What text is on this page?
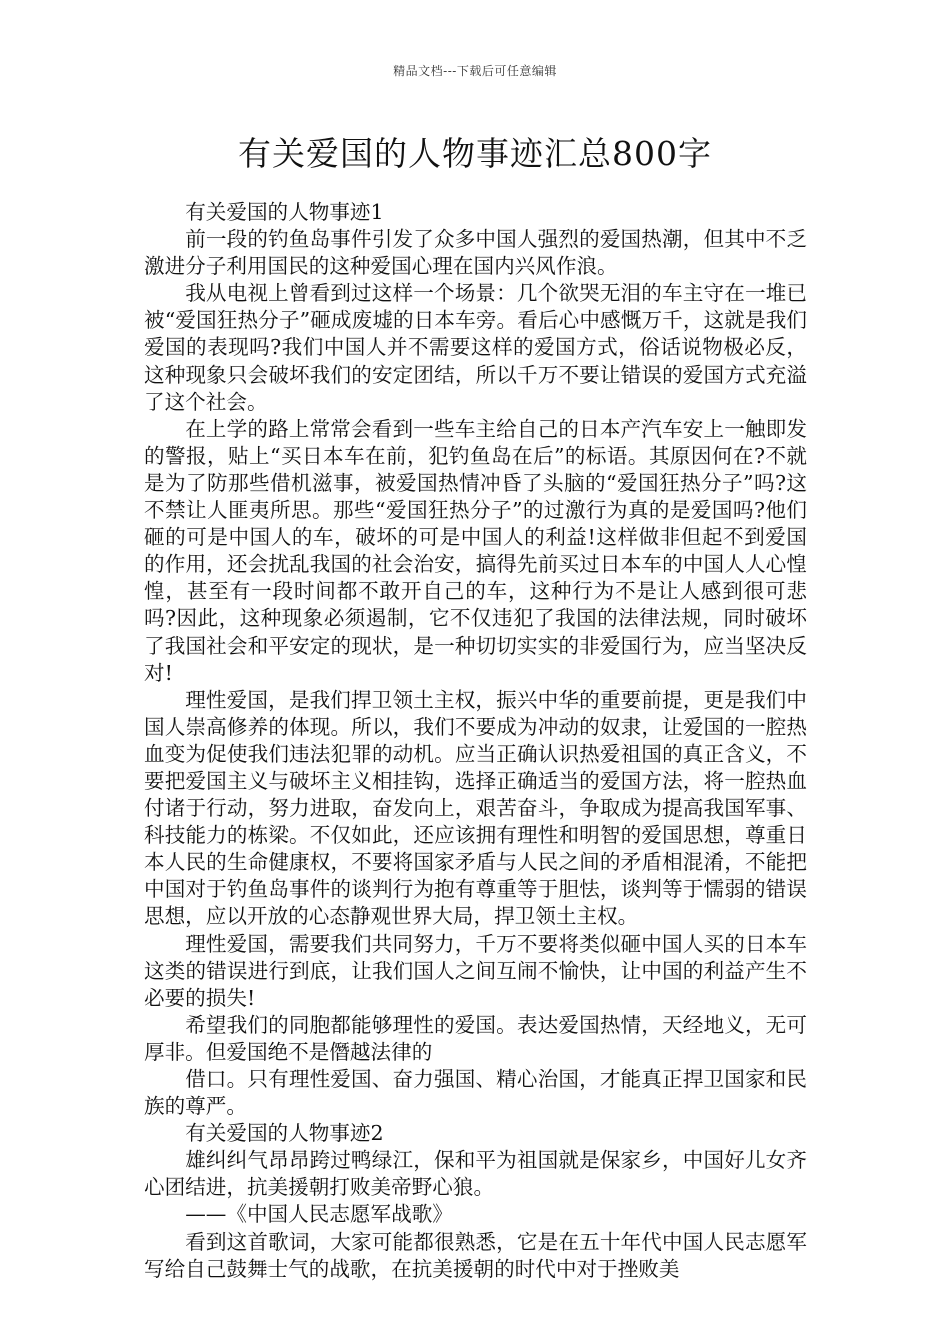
精品文档---下载后可任意编辑
有关爱国的人物事迹汇总800字

有关爱国的人物事迹1

前一段的钓鱼岛事件引发了众多中国人强烈的爱国热潮，但其中不乏激进分子利用国民的这种爱国心理在国内兴风作浪。

我从电视上曾看到过这样一个场景：几个欲哭无泪的车主守在一堆已被“爱国狂热分子”砸成废墟的日本车旁。看后心中感慨万千，这就是我们爱国的表现吗?我们中国人并不需要这样的爱国方式，俗话说物极必反，这种现象只会破坏我们的安定团结，所以千万不要让错误的爱国方式充溢了这个社会。

在上学的路上常常会看到一些车主给自己的日本产汽车安上一触即发的警报，贴上“买日本车在前，犯钓鱼岛在后”的标语。其原因何在?不就是为了防那些借机滋事，被爱国热情冲昏了头脑的“爱国狂热分子”吗?这不禁让人匪夷所思。那些“爱国狂热分子”的过激行为真的是爱国吗?他们砸的可是中国人的车，破坏的可是中国人的利益!这样做非但起不到爱国的作用，还会扰乱我国的社会治安，搞得先前买过日本车的中国人人心惶惶，甚至有一段时间都不敢开自己的车，这种行为不是让人感到很可悲吗?因此，这种现象必须遏制，它不仅违犯了我国的法律法规，同时破坏了我国社会和平安定的现状，是一种切切实实的非爱国行为，应当坚决反对!

理性爱国，是我们捍卫领土主权，振兴中华的重要前提，更是我们中国人崇高修养的体现。所以，我们不要成为冲动的奴隶，让爱国的一腔热血变为促使我们违法犯罪的动机。应当正确认识热爱祖国的真正含义，不要把爱国主义与破坏主义相挂钩，选择正确适当的爱国方法，将一腔热血付诸于行动，努力进取，奋发向上，艰苦奋斗，争取成为提高我国军事、科技能力的栋梁。不仅如此，还应该拥有理性和明智的爱国思想，尊重日本人民的生命健康权，不要将国家矛盾与人民之间的矛盾相混淆，不能把中国对于钓鱼岛事件的谈判行为抱有尊重等于胆怯，谈判等于懦弱的错误思想，应以开放的心态静观世界大局，捍卫领土主权。

理性爱国，需要我们共同努力，千万不要将类似砸中国人买的日本车这类的错误进行到底，让我们国人之间互闹不愉快，让中国的利益产生不必要的损失!

希望我们的同胞都能够理性的爱国。表达爱国热情，天经地义，无可厚非。但爱国绝不是僭越法律的

借口。只有理性爱国、奋力强国、精心治国，才能真正捍卫国家和民族的尊严。

有关爱国的人物事迹2

雄纠纠气昂昂跨过鸭绿江，保和平为祖国就是保家乡，中国好儿女齐心团结进，抗美援朝打败美帝野心狼。

——《中国人民志愿军战歌》

看到这首歌词，大家可能都很熟悉，它是在五十年代中国人民志愿军写给自己鼓舞士气的战歌，在抗美援朝的时代中对于挫败美
